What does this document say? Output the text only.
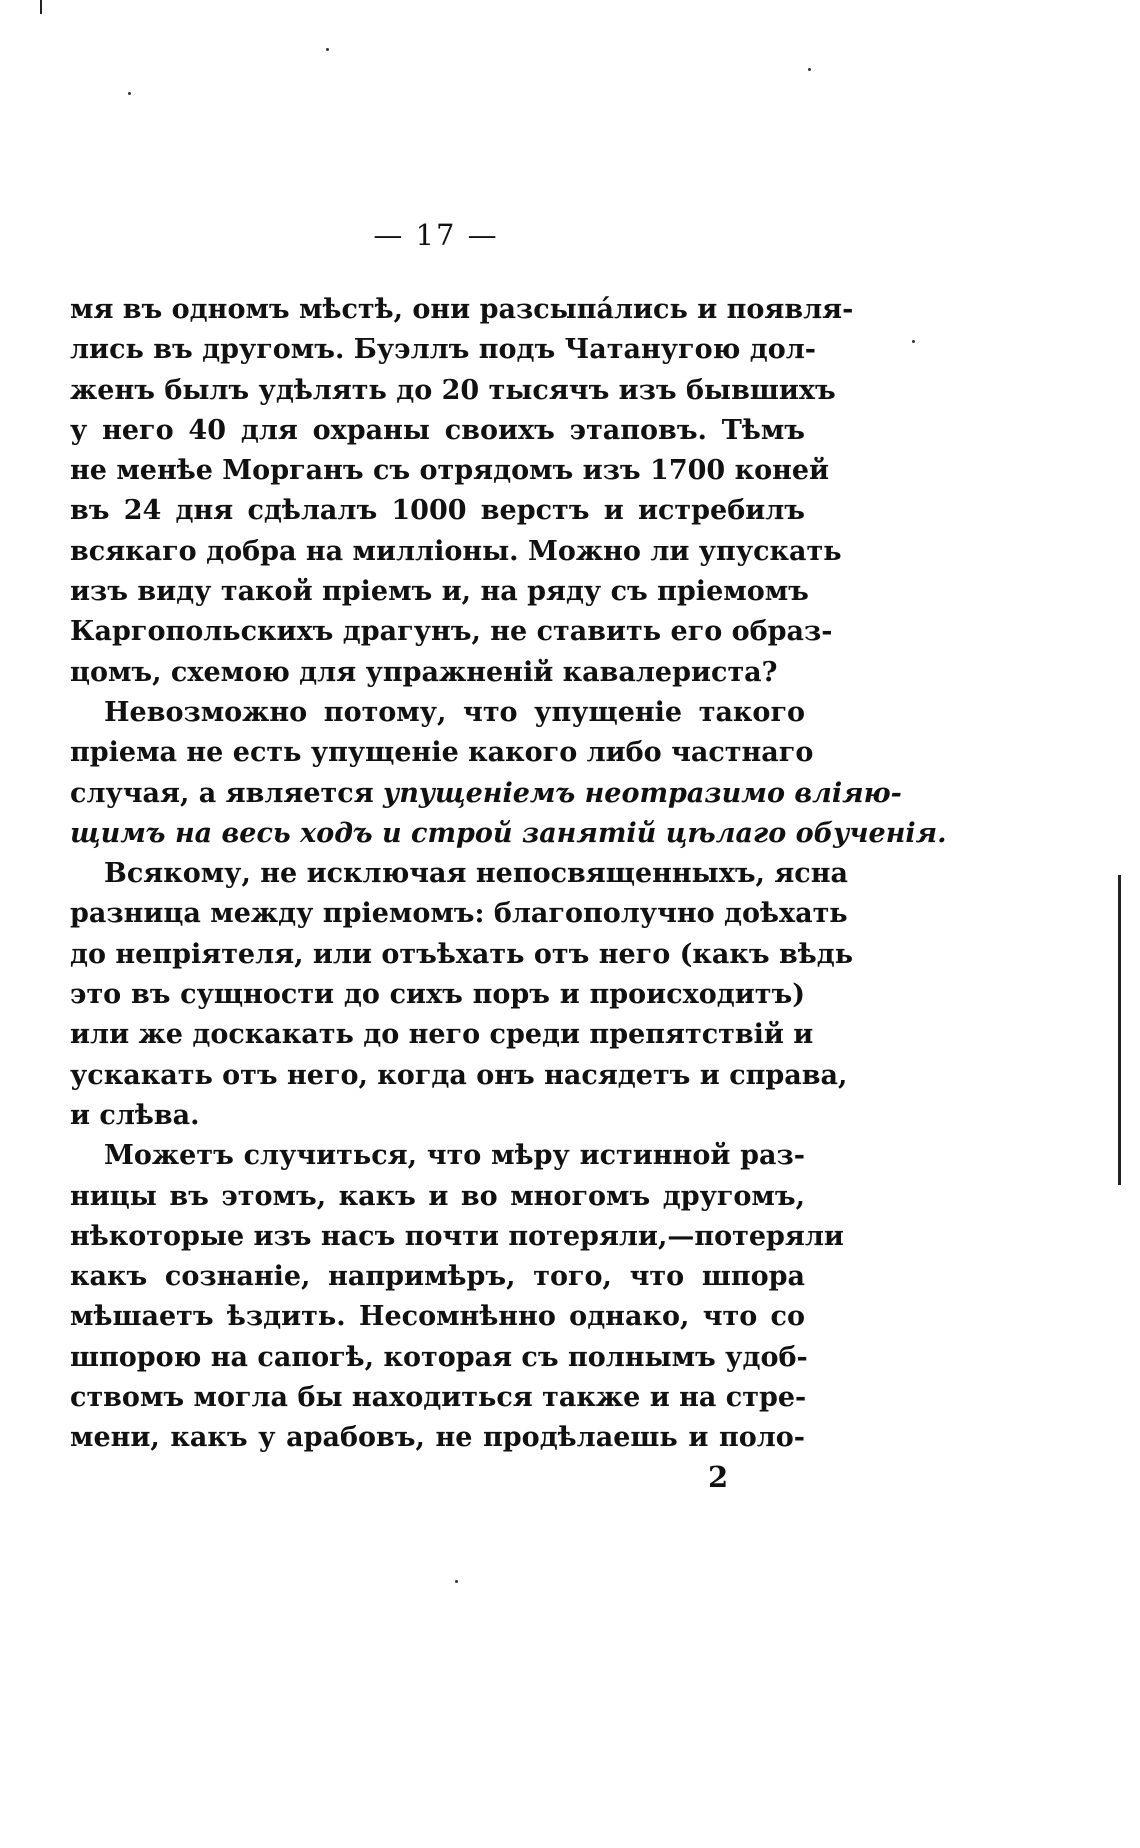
— 17 —
мя въ одномъ мѣстѣ, они разсыпáлись и появля-
лись въ другомъ. Буэллъ подъ Чатанугою дол-
женъ былъ удѣлять до 20 тысячъ изъ бывшихъ
у него 40 для охраны своихъ этаповъ. Тѣмъ
не менѣе Морганъ съ отрядомъ изъ 1700 коней
въ 24 дня сдѣлалъ 1000 верстъ и истребилъ
всякаго добра на милліоны. Можно ли упускать
изъ виду такой пріемъ и, на ряду съ пріемомъ
Каргопольскихъ драгунъ, не ставить его образ-
цомъ, схемою для упражненій кавалериста?
Невозможно потому, что упущеніе такого
пріема не есть упущеніе какого либо частнаго
случая, а является упущеніемъ неотразимо вліяю-
щимъ на весь ходъ и строй занятій цѣлаго обученія.
Всякому, не исключая непосвященныхъ, ясна
разница между пріемомъ: благополучно доѣхать
до непріятеля, или отъѣхать отъ него (какъ вѣдь
это въ сущности до сихъ поръ и происходитъ)
или же доскакать до него среди препятствій и
ускакать отъ него, когда онъ насядетъ и справа,
и слѣва.
Можетъ случиться, что мѣру истинной раз-
ницы въ этомъ, какъ и во многомъ другомъ,
нѣкоторые изъ насъ почти потеряли,—потеряли
какъ сознаніе, напримѣръ, того, что шпора
мѣшаетъ ѣздить. Несомнѣнно однако, что со
шпорою на сапогѣ, которая съ полнымъ удоб-
ствомъ могла бы находиться также и на стре-
мени, какъ у арабовъ, не продѣлаешь и поло-
2
